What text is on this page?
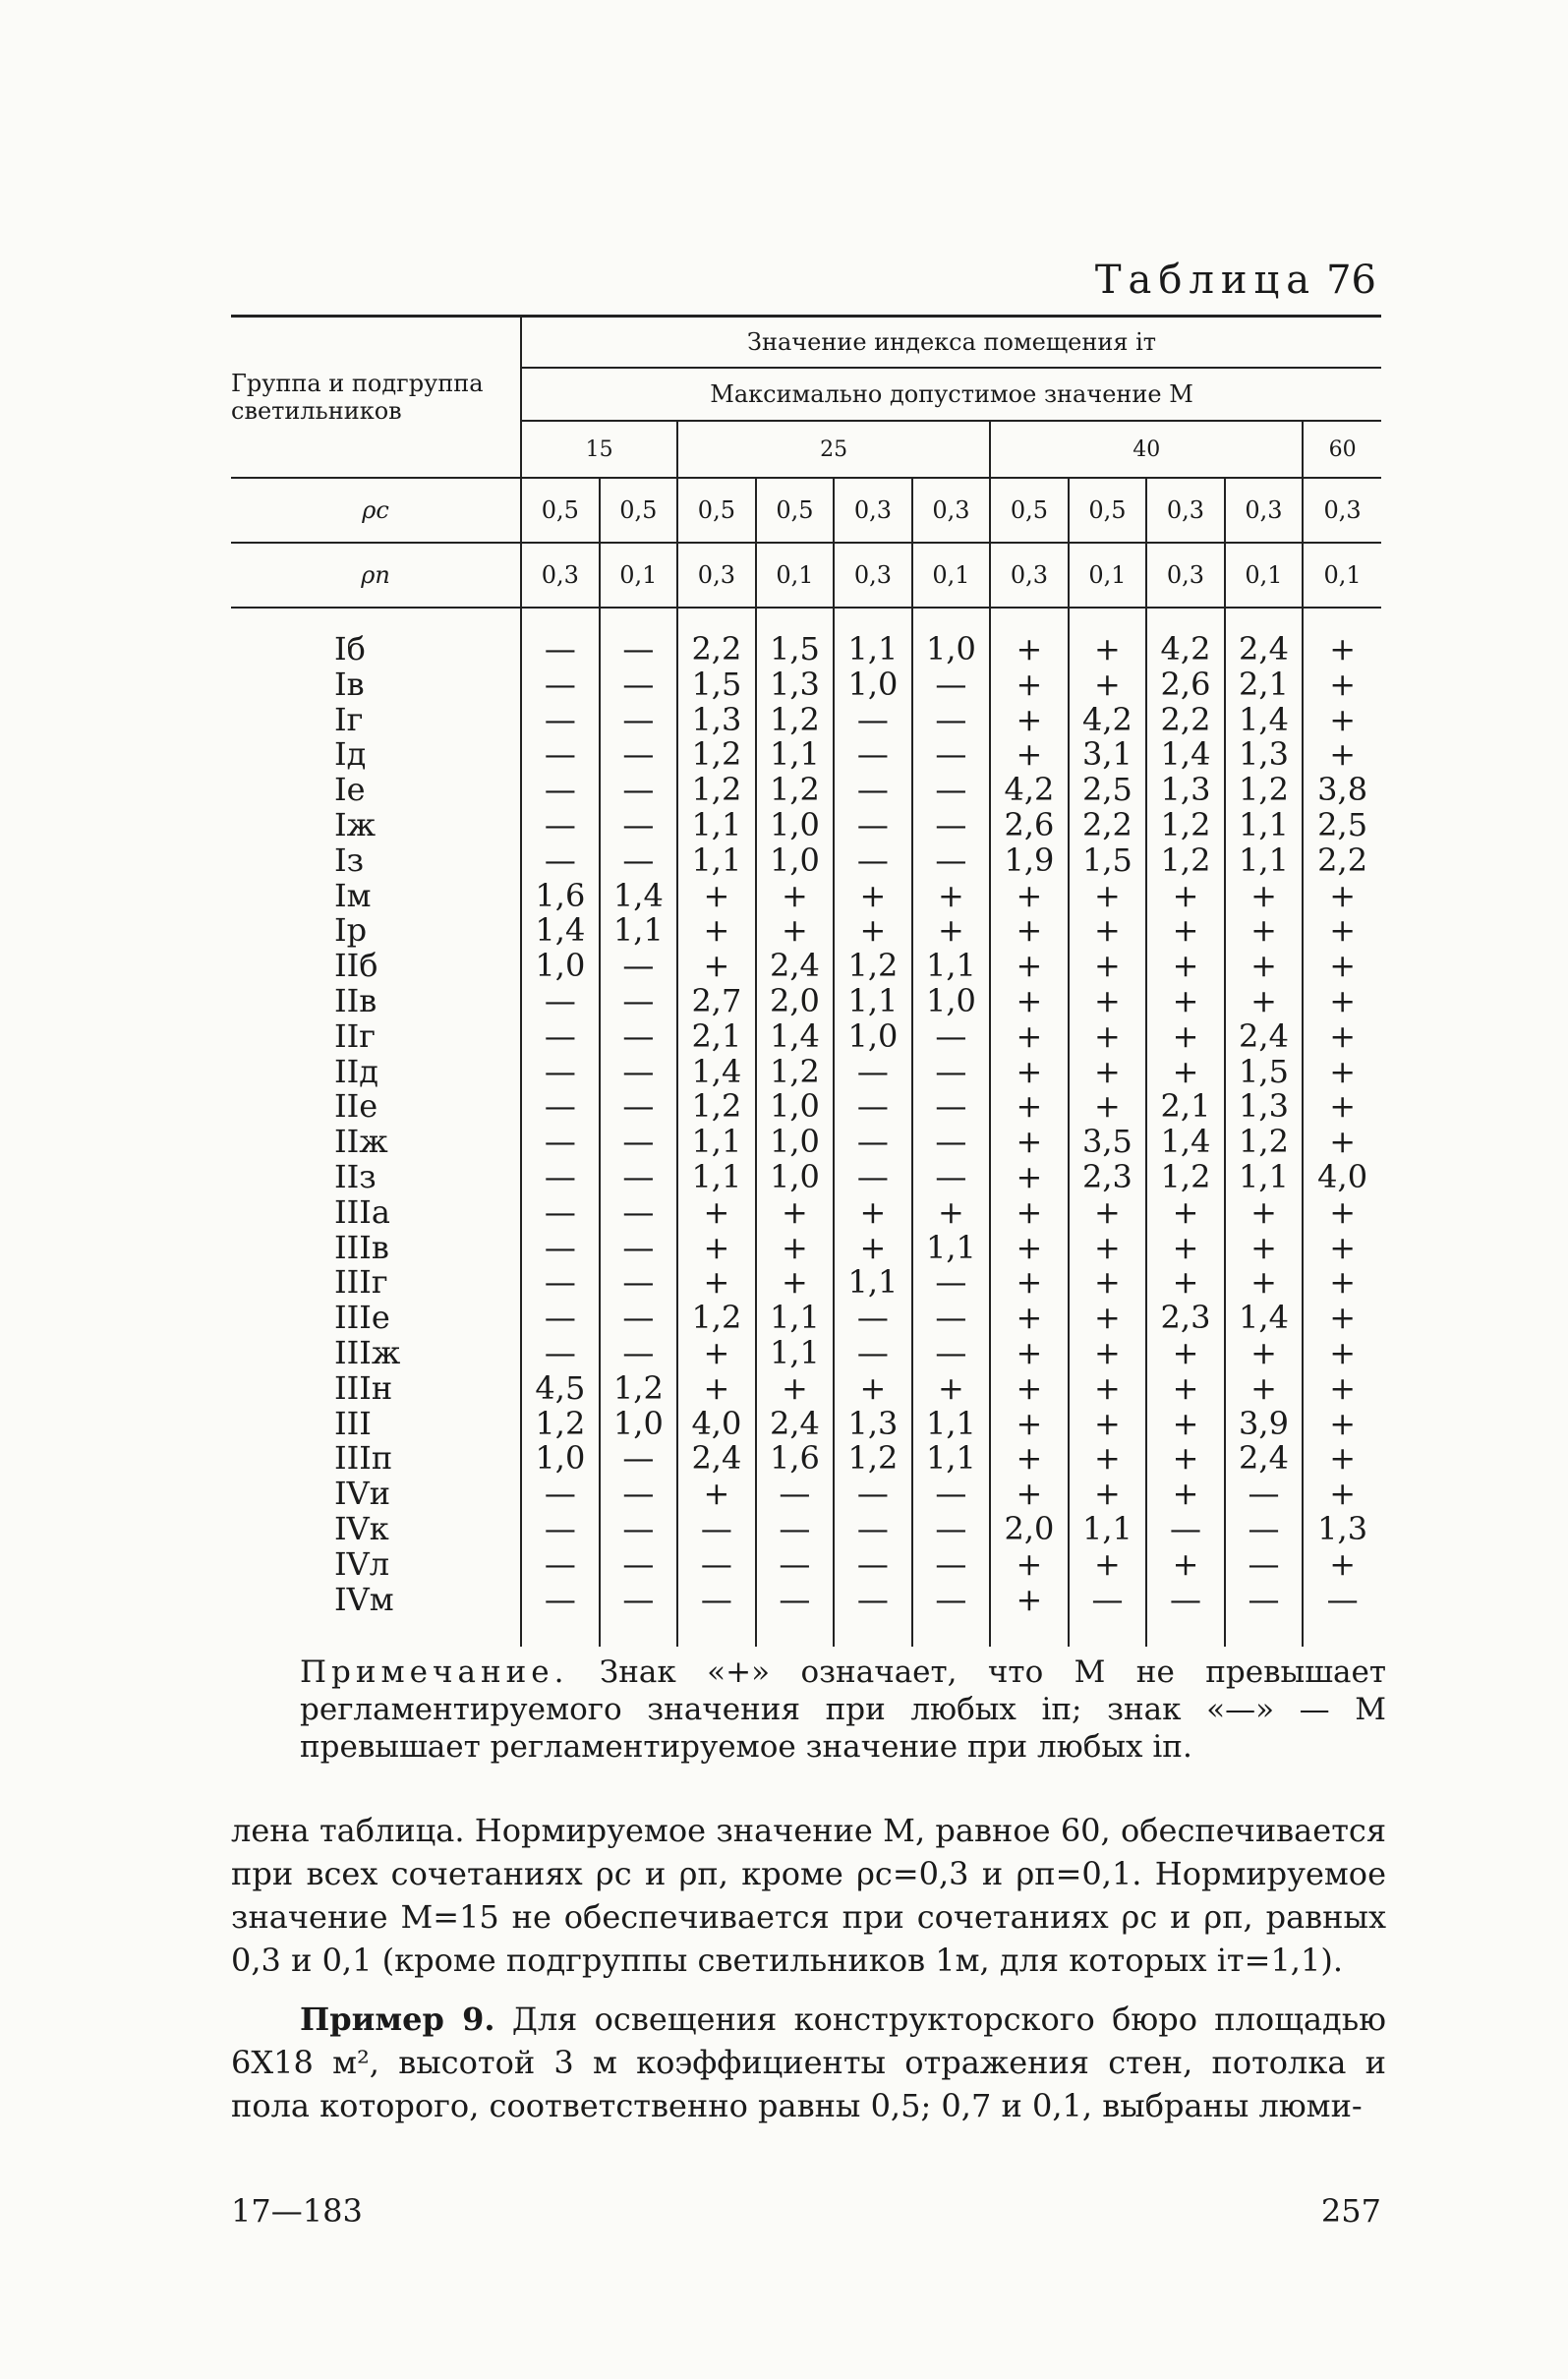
Таблица 76
Группа и подгруппа светильников	Значение индекса помещения iт										
	Максимально допустимое значение М										
	15		25				40				60
ρс	0,5	0,5	0,5	0,5	0,3	0,3	0,5	0,5	0,3	0,3	0,3
ρп	0,3	0,1	0,3	0,1	0,3	0,1	0,3	0,1	0,3	0,1	0,1
Iб	—	—	2,2	1,5	1,1	1,0	+	+	4,2	2,4	+
Iв	—	—	1,5	1,3	1,0	—	+	+	2,6	2,1	+
Iг	—	—	1,3	1,2	—	—	+	4,2	2,2	1,4	+
Iд	—	—	1,2	1,1	—	—	+	3,1	1,4	1,3	+
Iе	—	—	1,2	1,2	—	—	4,2	2,5	1,3	1,2	3,8
Iж	—	—	1,1	1,0	—	—	2,6	2,2	1,2	1,1	2,5
Iз	—	—	1,1	1,0	—	—	1,9	1,5	1,2	1,1	2,2
Iм	1,6	1,4	+	+	+	+	+	+	+	+	+
Iр	1,4	1,1	+	+	+	+	+	+	+	+	+
IIб	1,0	—	+	2,4	1,2	1,1	+	+	+	+	+
IIв	—	—	2,7	2,0	1,1	1,0	+	+	+	+	+
IIг	—	—	2,1	1,4	1,0	—	+	+	+	2,4	+
IIд	—	—	1,4	1,2	—	—	+	+	+	1,5	+
IIе	—	—	1,2	1,0	—	—	+	+	2,1	1,3	+
IIж	—	—	1,1	1,0	—	—	+	3,5	1,4	1,2	+
IIз	—	—	1,1	1,0	—	—	+	2,3	1,2	1,1	4,0
IIIа	—	—	+	+	+	+	+	+	+	+	+
IIIв	—	—	+	+	+	1,1	+	+	+	+	+
IIIг	—	—	+	+	1,1	—	+	+	+	+	+
IIIе	—	—	1,2	1,1	—	—	+	+	2,3	1,4	+
IIIж	—	—	+	1,1	—	—	+	+	+	+	+
IIIн	4,5	1,2	+	+	+	+	+	+	+	+	+
III	1,2	1,0	4,0	2,4	1,3	1,1	+	+	+	3,9	+
IIIп	1,0	—	2,4	1,6	1,2	1,1	+	+	+	2,4	+
IVи	—	—	+	—	—	—	+	+	+	—	+
IVк	—	—	—	—	—	—	2,0	1,1	—	—	1,3
IVл	—	—	—	—	—	—	+	+	+	—	+
IVм	—	—	—	—	—	—	+	—	—	—	—
Примечание. Знак «+» означает, что М не превышает регламентируемого значения при любых iп; знак «—» — М превышает регламентируемое значение при любых iп.

лена таблица. Нормируемое значение М, равное 60, обеспечивается при всех сочетаниях ρс и ρп, кроме ρс=0,3 и ρп=0,1. Нормируемое значение М=15 не обеспечивается при сочетаниях ρс и ρп, равных 0,3 и 0,1 (кроме подгруппы светильников 1м, для которых iт=1,1).

Пример 9. Для освещения конструкторского бюро площадью 6Х18 м², высотой 3 м коэффициенты отражения стен, потолка и пола которого, соответственно равны 0,5; 0,7 и 0,1, выбраны люми-

17—183	257
